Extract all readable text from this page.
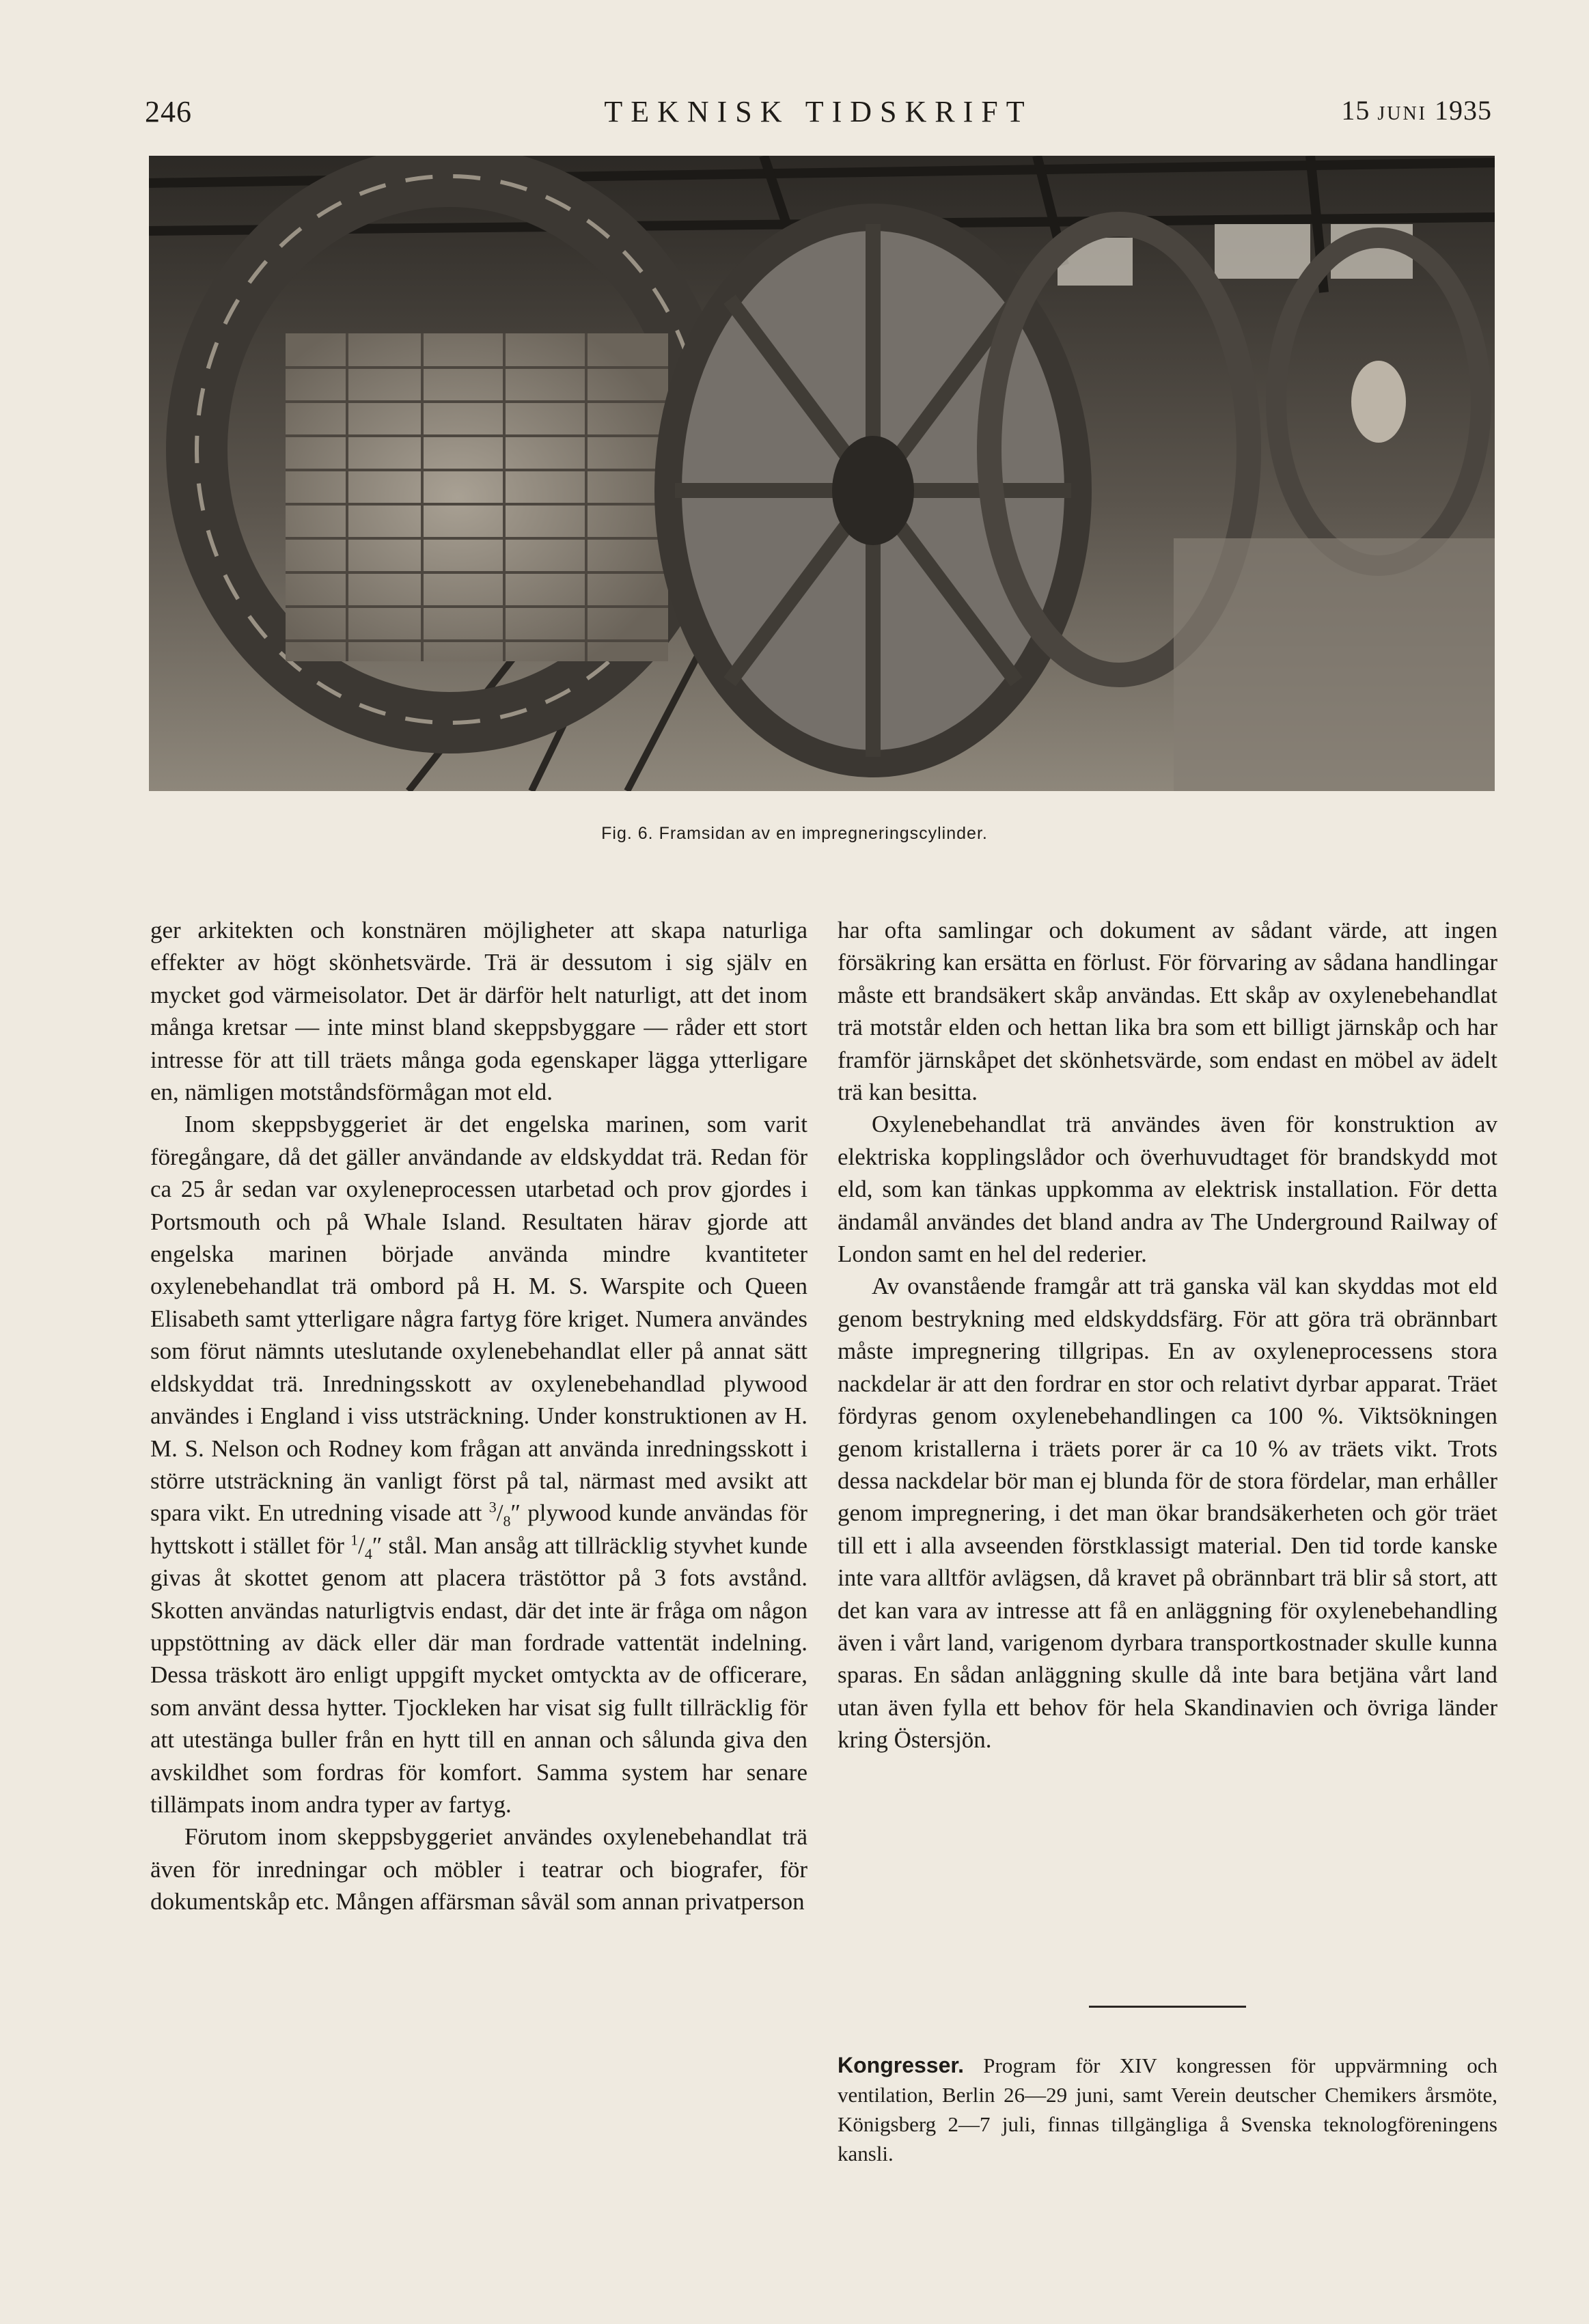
246	TEKNISK TIDSKRIFT	15 JUNI 1935
Fig. 6. Framsidan av en impregneringscylinder.

ger arkitekten och konstnären möjligheter att skapa naturliga effekter av högt skönhetsvärde. Trä är dessutom i sig själv en mycket god värmeisolator. Det är därför helt naturligt, att det inom många kretsar — inte minst bland skeppsbyggare — råder ett stort intresse för att till träets många goda egenskaper lägga ytterligare en, nämligen motståndsförmågan mot eld.

Inom skeppsbyggeriet är det engelska marinen, som varit föregångare, då det gäller användande av eldskyddat trä. Redan för ca 25 år sedan var oxyleneprocessen utarbetad och prov gjordes i Portsmouth och på Whale Island. Resultaten härav gjorde att engelska marinen började använda mindre kvantiteter oxylenebehandlat trä ombord på H. M. S. Warspite och Queen Elisabeth samt ytterligare några fartyg före kriget. Numera användes som förut nämnts uteslutande oxylenebehandlat eller på annat sätt eldskyddat trä. Inredningsskott av oxylenebehandlad plywood användes i England i viss utsträckning. Under konstruktionen av H. M. S. Nelson och Rodney kom frågan att använda inredningsskott i större utsträckning än vanligt först på tal, närmast med avsikt att spara vikt. En utredning visade att $^3/_8''$ plywood kunde användas för hyttskott i stället för $^1/_4''$ stål. Man ansåg att tillräcklig styvhet kunde givas åt skottet genom att placera trästöttor på 3 fots avstånd. Skotten användas naturligtvis endast, där det inte är fråga om någon uppstöttning av däck eller där man fordrade vattentät indelning. Dessa träskott äro enligt uppgift mycket omtyckta av de officerare, som använt dessa hytter. Tjockleken har visat sig fullt tillräcklig för att utestänga buller från en hytt till en annan och sålunda giva den avskildhet som fordras för komfort. Samma system har senare tillämpats inom andra typer av fartyg.

Förutom inom skeppsbyggeriet användes oxylenebehandlat trä även för inredningar och möbler i teatrar och biografer, för dokumentskåp etc. Mången affärsman såväl som annan privatperson

har ofta samlingar och dokument av sådant värde, att ingen försäkring kan ersätta en förlust. För förvaring av sådana handlingar måste ett brandsäkert skåp användas. Ett skåp av oxylenebehandlat trä motstår elden och hettan lika bra som ett billigt järnskåp och har framför järnskåpet det skönhetsvärde, som endast en möbel av ädelt trä kan besitta.

Oxylenebehandlat trä användes även för konstruktion av elektriska kopplingslådor och överhuvudtaget för brandskydd mot eld, som kan tänkas uppkomma av elektrisk installation. För detta ändamål användes det bland andra av The Underground Railway of London samt en hel del rederier.

Av ovanstående framgår att trä ganska väl kan skyddas mot eld genom bestrykning med eldskyddsfärg. För att göra trä obrännbart måste impregnering tillgripas. En av oxyleneprocessens stora nackdelar är att den fordrar en stor och relativt dyrbar apparat. Träet fördyras genom oxylenebehandlingen ca 100 %. Viktsökningen genom kristallerna i träets porer är ca 10 % av träets vikt. Trots dessa nackdelar bör man ej blunda för de stora fördelar, man erhåller genom impregnering, i det man ökar brandsäkerheten och gör träet till ett i alla avseenden förstklassigt material. Den tid torde kanske inte vara alltför avlägsen, då kravet på obrännbart trä blir så stort, att det kan vara av intresse att få en anläggning för oxylenebehandling även i vårt land, varigenom dyrbara transportkostnader skulle kunna sparas. En sådan anläggning skulle då inte bara betjäna vårt land utan även fylla ett behov för hela Skandinavien och övriga länder kring Östersjön.

Kongresser. Program för XIV kongressen för uppvärmning och ventilation, Berlin 26—29 juni, samt Verein deutscher Chemikers årsmöte, Königsberg 2—7 juli, finnas tillgängliga å Svenska teknologföreningens kansli.
